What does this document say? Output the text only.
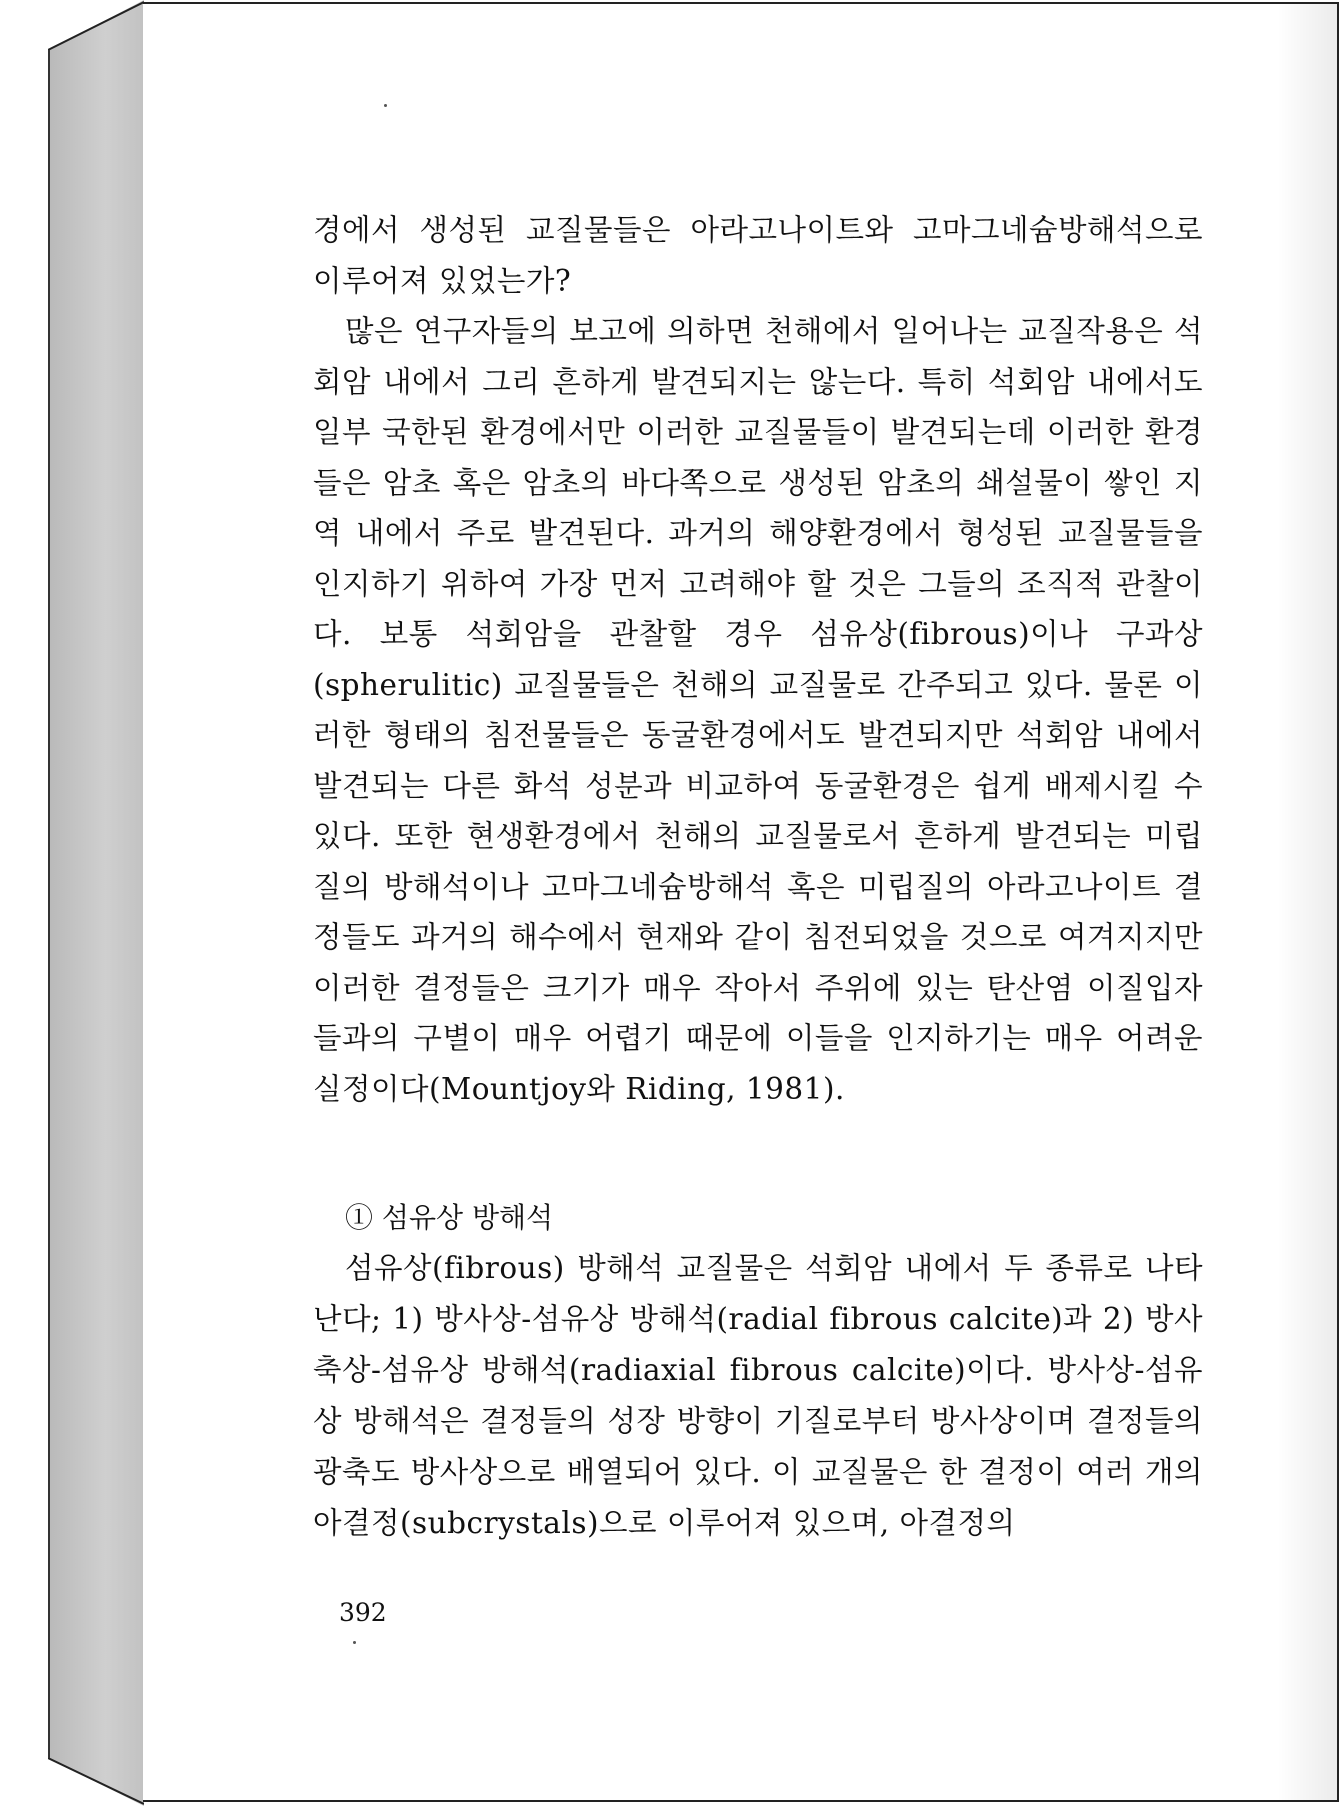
경에서 생성된 교질물들은 아라고나이트와 고마그네슘방해석으로 이루어져 있었는가?

많은 연구자들의 보고에 의하면 천해에서 일어나는 교질작용은 석회암 내에서 그리 흔하게 발견되지는 않는다. 특히 석회암 내에서도 일부 국한된 환경에서만 이러한 교질물들이 발견되는데 이러한 환경들은 암초 혹은 암초의 바다쪽으로 생성된 암초의 쇄설물이 쌓인 지역 내에서 주로 발견된다. 과거의 해양환경에서 형성된 교질물들을 인지하기 위하여 가장 먼저 고려해야 할 것은 그들의 조직적 관찰이다. 보통 석회암을 관찰할 경우 섬유상(fibrous)이나 구과상(spherulitic) 교질물들은 천해의 교질물로 간주되고 있다. 물론 이러한 형태의 침전물들은 동굴환경에서도 발견되지만 석회암 내에서 발견되는 다른 화석 성분과 비교하여 동굴환경은 쉽게 배제시킬 수 있다. 또한 현생환경에서 천해의 교질물로서 흔하게 발견되는 미립질의 방해석이나 고마그네슘방해석 혹은 미립질의 아라고나이트 결정들도 과거의 해수에서 현재와 같이 침전되었을 것으로 여겨지지만 이러한 결정들은 크기가 매우 작아서 주위에 있는 탄산염 이질입자들과의 구별이 매우 어렵기 때문에 이들을 인지하기는 매우 어려운 실정이다(Mountjoy와 Riding, 1981).

① 섬유상 방해석

섬유상(fibrous) 방해석 교질물은 석회암 내에서 두 종류로 나타난다; 1) 방사상-섬유상 방해석(radial fibrous calcite)과 2) 방사축상-섬유상 방해석(radiaxial fibrous calcite)이다. 방사상-섬유상 방해석은 결정들의 성장 방향이 기질로부터 방사상이며 결정들의 광축도 방사상으로 배열되어 있다. 이 교질물은 한 결정이 여러 개의 아결정(subcrystals)으로 이루어져 있으며, 아결정의

392
